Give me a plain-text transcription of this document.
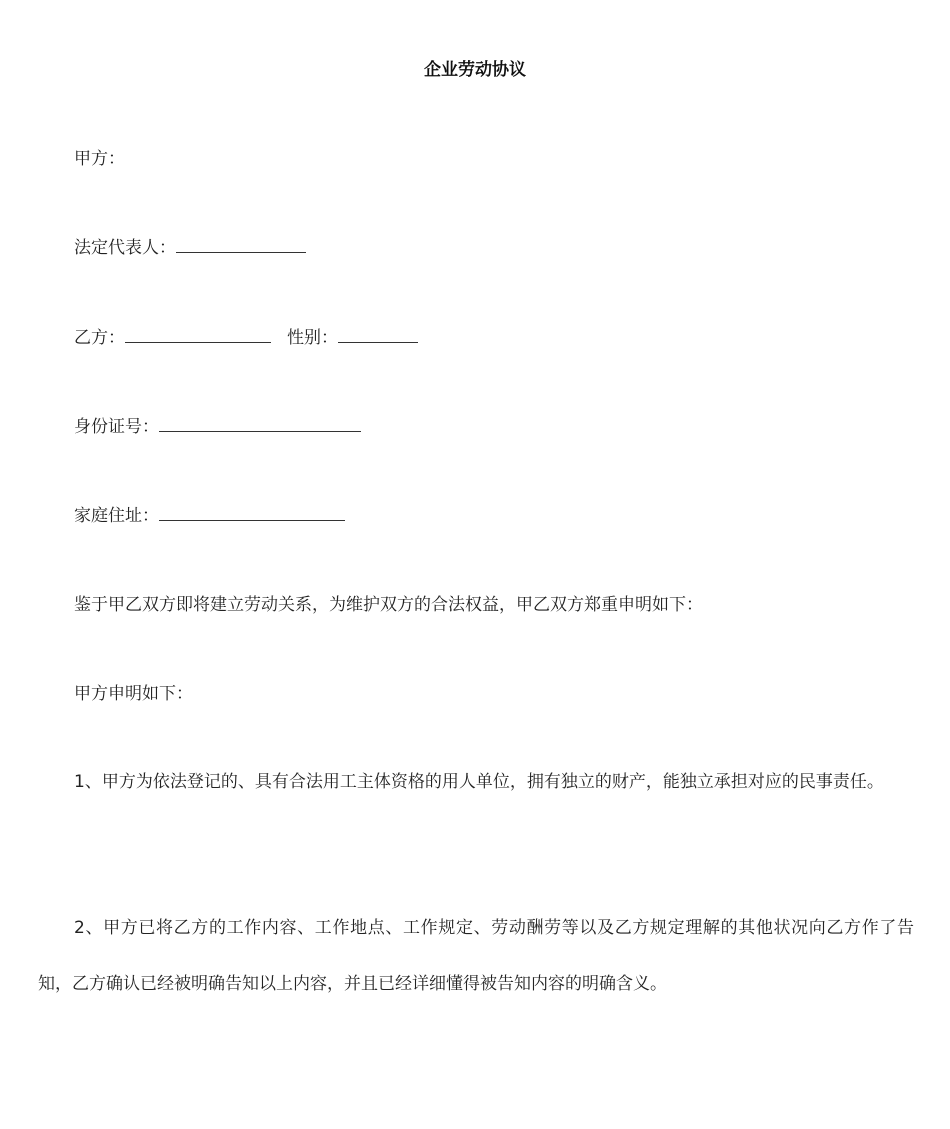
企业劳动协议
甲方：
法定代表人：
乙方：	性别：
身份证号：
家庭住址：
鉴于甲乙双方即将建立劳动关系，为维护双方的合法权益，甲乙双方郑重申明如下：
甲方申明如下：
1、甲方为依法登记的、具有合法用工主体资格的用人单位，拥有独立的财产，能独立承担对应的民事责任。
2、甲方已将乙方的工作内容、工作地点、工作规定、劳动酬劳等以及乙方规定理解的其他状况向乙方作了告知，乙方确认已经被明确告知以上内容，并且已经详细懂得被告知内容的明确含义。
